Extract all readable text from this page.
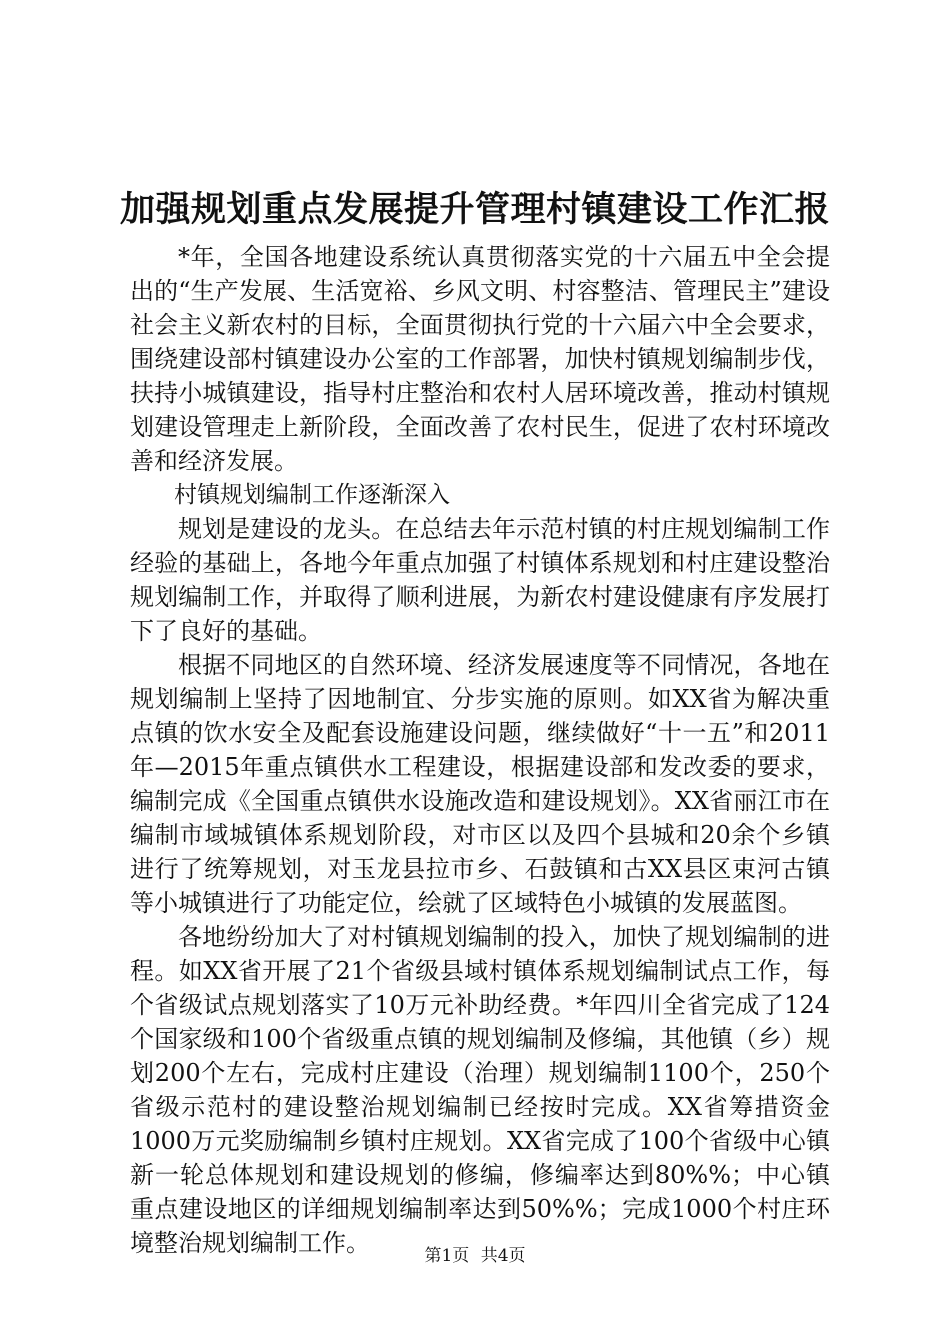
加强规划重点发展提升管理村镇建设工作汇报

*年，全国各地建设系统认真贯彻落实党的十六届五中全会提出的“生产发展、生活宽裕、乡风文明、村容整洁、管理民主”建设社会主义新农村的目标，全面贯彻执行党的十六届六中全会要求，围绕建设部村镇建设办公室的工作部署，加快村镇规划编制步伐，扶持小城镇建设，指导村庄整治和农村人居环境改善，推动村镇规划建设管理走上新阶段，全面改善了农村民生，促进了农村环境改善和经济发展。

村镇规划编制工作逐渐深入

规划是建设的龙头。在总结去年示范村镇的村庄规划编制工作经验的基础上，各地今年重点加强了村镇体系规划和村庄建设整治规划编制工作，并取得了顺利进展，为新农村建设健康有序发展打下了良好的基础。

根据不同地区的自然环境、经济发展速度等不同情况，各地在规划编制上坚持了因地制宜、分步实施的原则。如XX省为解决重点镇的饮水安全及配套设施建设问题，继续做好“十一五”和2011年—2015年重点镇供水工程建设，根据建设部和发改委的要求，编制完成《全国重点镇供水设施改造和建设规划》。XX省丽江市在编制市域城镇体系规划阶段，对市区以及四个县城和20余个乡镇进行了统筹规划，对玉龙县拉市乡、石鼓镇和古XX县区束河古镇等小城镇进行了功能定位，绘就了区域特色小城镇的发展蓝图。

各地纷纷加大了对村镇规划编制的投入，加快了规划编制的进程。如XX省开展了21个省级县域村镇体系规划编制试点工作，每个省级试点规划落实了10万元补助经费。*年四川全省完成了124个国家级和100个省级重点镇的规划编制及修编，其他镇（乡）规划200个左右，完成村庄建设（治理）规划编制1100个，250个省级示范村的建设整治规划编制已经按时完成。XX省筹措资金1000万元奖励编制乡镇村庄规划。XX省完成了100个省级中心镇新一轮总体规划和建设规划的修编，修编率达到80%%；中心镇重点建设地区的详细规划编制率达到50%%；完成1000个村庄环境整治规划编制工作。	第1页 共4页
